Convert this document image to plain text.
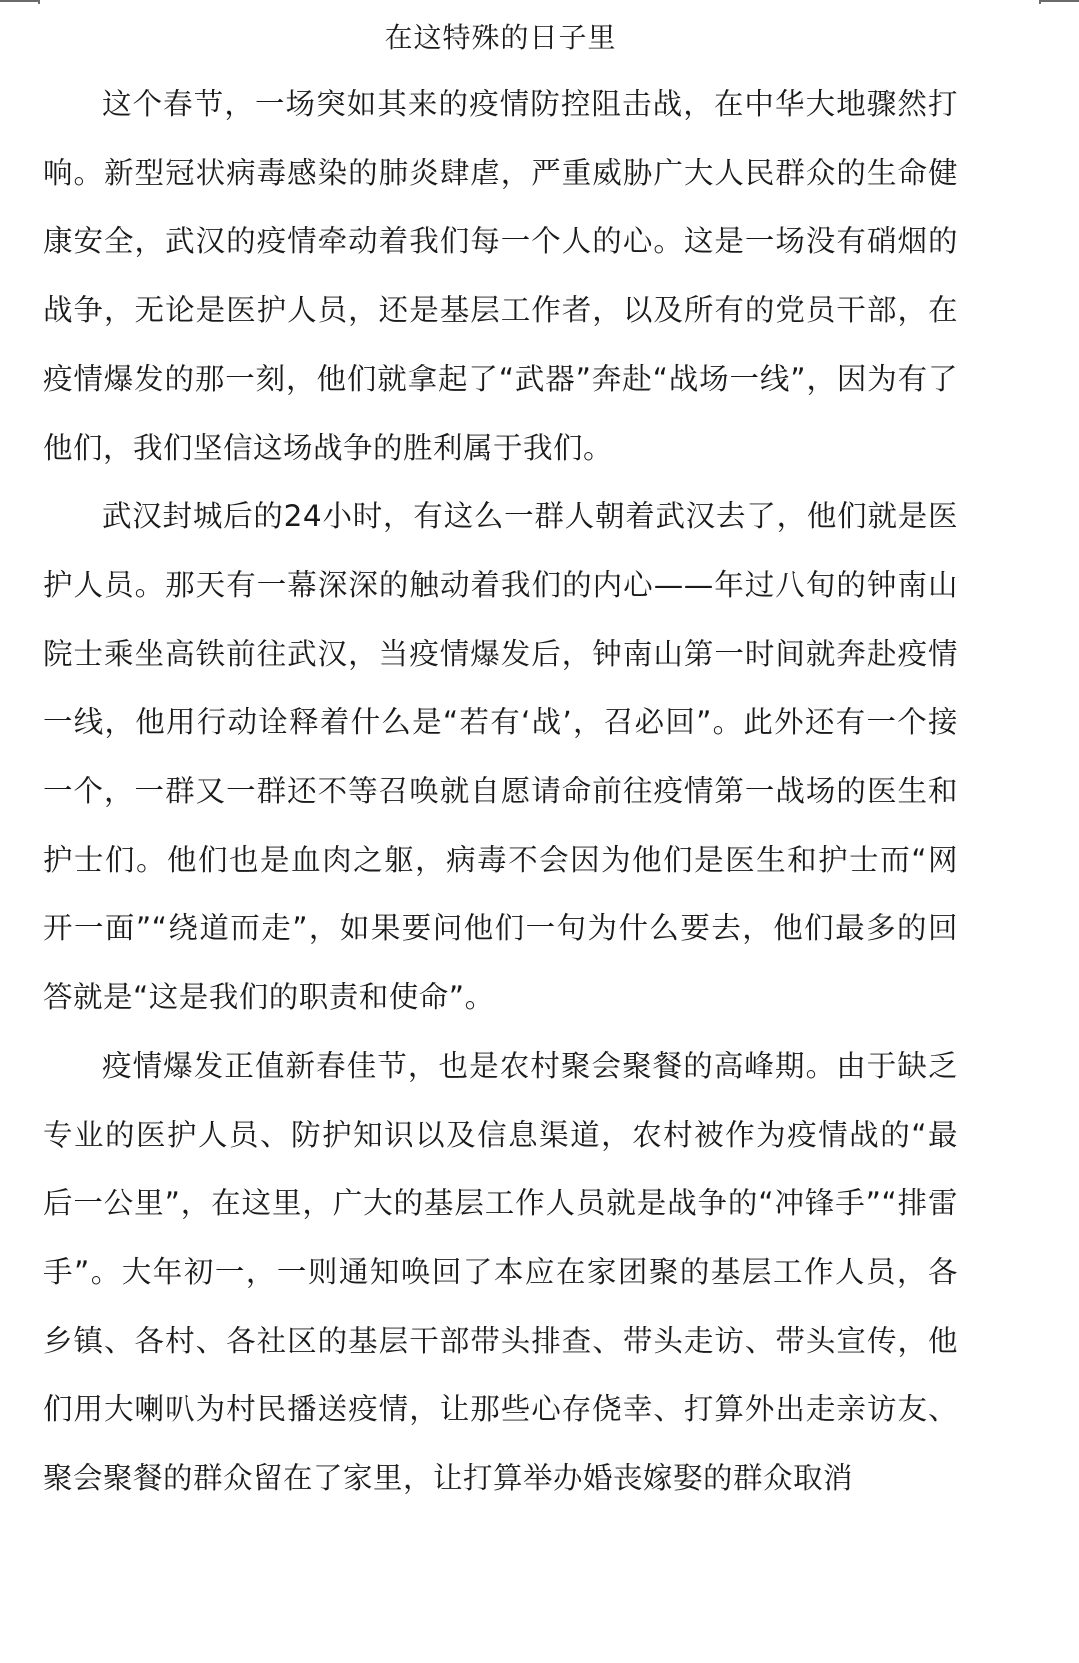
在这特殊的日子里

这个春节，一场突如其来的疫情防控阻击战，在中华大地骤然打响。新型冠状病毒感染的肺炎肆虐，严重威胁广大人民群众的生命健康安全，武汉的疫情牵动着我们每一个人的心。这是一场没有硝烟的战争，无论是医护人员，还是基层工作者，以及所有的党员干部，在疫情爆发的那一刻，他们就拿起了“武器”奔赴“战场一线”，因为有了他们，我们坚信这场战争的胜利属于我们。

武汉封城后的24小时，有这么一群人朝着武汉去了，他们就是医护人员。那天有一幕深深的触动着我们的内心——年过八旬的钟南山院士乘坐高铁前往武汉，当疫情爆发后，钟南山第一时间就奔赴疫情一线，他用行动诠释着什么是“若有‘战’，召必回”。此外还有一个接一个，一群又一群还不等召唤就自愿请命前往疫情第一战场的医生和护士们。他们也是血肉之躯，病毒不会因为他们是医生和护士而“网开一面”“绕道而走”，如果要问他们一句为什么要去，他们最多的回答就是“这是我们的职责和使命”。

疫情爆发正值新春佳节，也是农村聚会聚餐的高峰期。由于缺乏专业的医护人员、防护知识以及信息渠道，农村被作为疫情战的“最后一公里”，在这里，广大的基层工作人员就是战争的“冲锋手”“排雷手”。大年初一，一则通知唤回了本应在家团聚的基层工作人员，各乡镇、各村、各社区的基层干部带头排查、带头走访、带头宣传，他们用大喇叭为村民播送疫情，让那些心存侥幸、打算外出走亲访友、聚会聚餐的群众留在了家里，让打算举办婚丧嫁娶的群众取消
